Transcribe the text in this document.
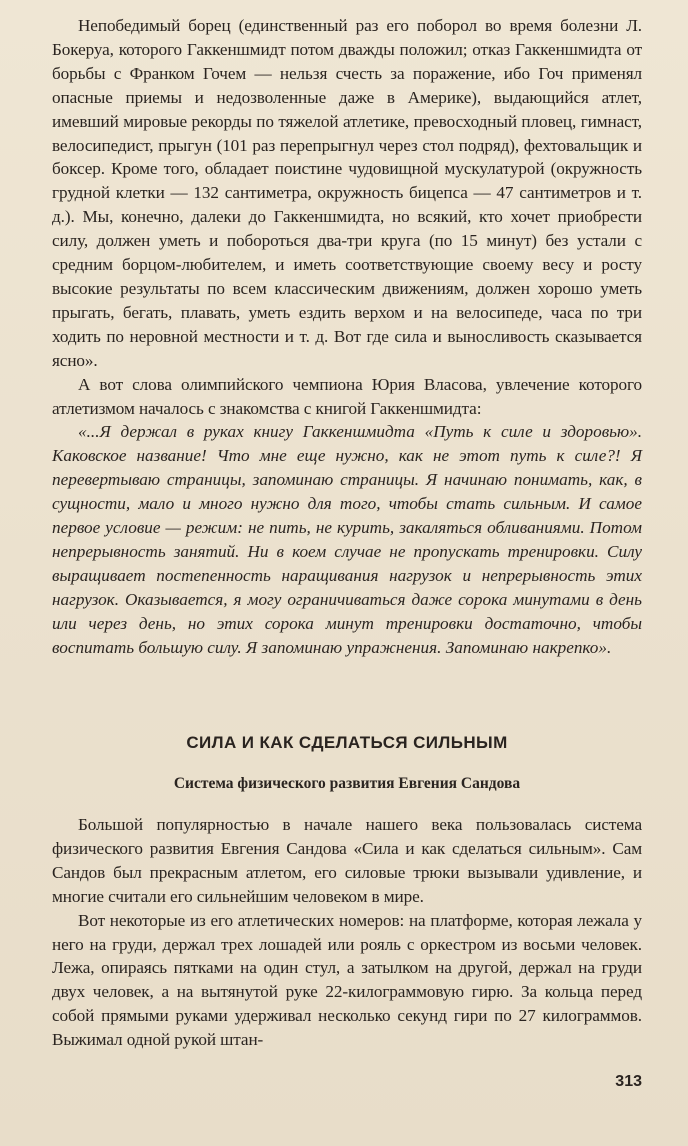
Непобедимый борец (единственный раз его поборол во время болезни Л. Бокеруа, которого Гаккеншмидт потом дважды положил; отказ Гаккеншмидта от борьбы с Франком Гочем — нельзя счесть за поражение, ибо Гоч применял опасные приемы и недозволенные даже в Америке), выдающийся атлет, имевший мировые рекорды по тяжелой атлетике, превосходный пловец, гимнаст, велосипедист, прыгун (101 раз перепрыгнул через стол подряд), фехтовальщик и боксер. Кроме того, обладает поистине чудовищной мускулатурой (окружность грудной клетки — 132 сантиметра, окружность бицепса — 47 сантиметров и т. д.). Мы, конечно, далеки до Гаккеншмидта, но всякий, кто хочет приобрести силу, должен уметь и побороться два-три круга (по 15 минут) без устали с средним борцом-любителем, и иметь соответствующие своему весу и росту высокие результаты по всем классическим движениям, должен хорошо уметь прыгать, бегать, плавать, уметь ездить верхом и на велосипеде, часа по три ходить по неровной местности и т. д. Вот где сила и выносливость сказывается ясно».

А вот слова олимпийского чемпиона Юрия Власова, увлечение которого атлетизмом началось с знакомства с книгой Гаккеншмидта:

«...Я держал в руках книгу Гаккеншмидта «Путь к силе и здоровью». Каковское название! Что мне еще нужно, как не этот путь к силе?! Я перевертываю страницы, запоминаю страницы. Я начинаю понимать, как, в сущности, мало и много нужно для того, чтобы стать сильным. И самое первое условие — режим: не пить, не курить, закаляться обливаниями. Потом непрерывность занятий. Ни в коем случае не пропускать тренировки. Силу выращивает постепенность наращивания нагрузок и непрерывность этих нагрузок. Оказывается, я могу ограничиваться даже сорока минутами в день или через день, но этих сорока минут тренировки достаточно, чтобы воспитать большую силу. Я запоминаю упражнения. Запоминаю накрепко».

СИЛА И КАК СДЕЛАТЬСЯ СИЛЬНЫМ
Система физического развития Евгения Сандова

Большой популярностью в начале нашего века пользовалась система физического развития Евгения Сандова «Сила и как сделаться сильным». Сам Сандов был прекрасным атлетом, его силовые трюки вызывали удивление, и многие считали его сильнейшим человеком в мире.

Вот некоторые из его атлетических номеров: на платформе, которая лежала у него на груди, держал трех лошадей или рояль с оркестром из восьми человек. Лежа, опираясь пятками на один стул, а затылком на другой, держал на груди двух человек, а на вытянутой руке 22-килограммовую гирю. За кольца перед собой прямыми руками удерживал несколько секунд гири по 27 килограммов. Выжимал одной рукой штан-

313
